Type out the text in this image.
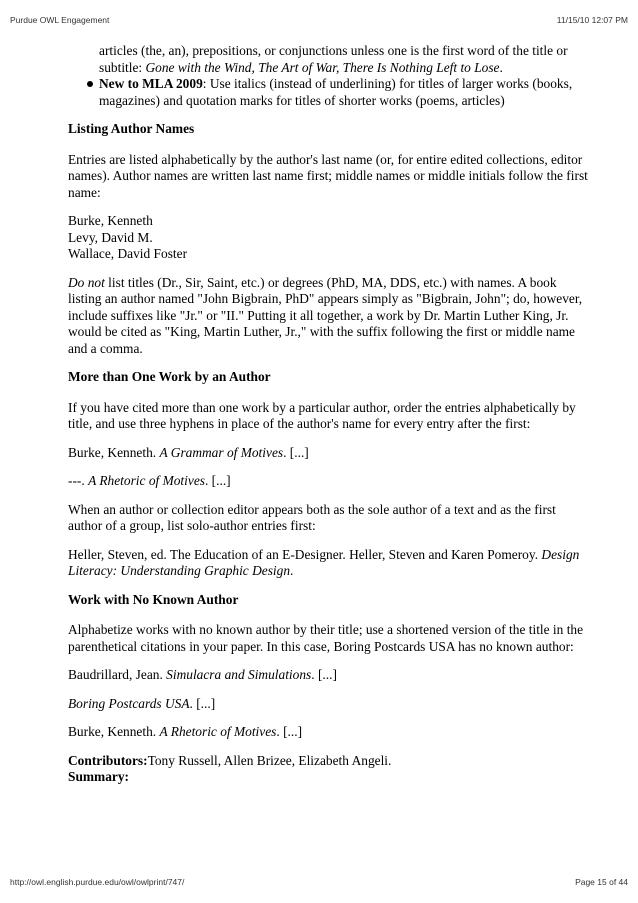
Purdue OWL Engagement	11/15/10 12:07 PM
articles (the, an), prepositions, or conjunctions unless one is the first word of the title or subtitle: Gone with the Wind, The Art of War, There Is Nothing Left to Lose.
New to MLA 2009: Use italics (instead of underlining) for titles of larger works (books, magazines) and quotation marks for titles of shorter works (poems, articles)

Listing Author Names

Entries are listed alphabetically by the author's last name (or, for entire edited collections, editor names). Author names are written last name first; middle names or middle initials follow the first name:

Burke, Kenneth
Levy, David M.
Wallace, David Foster

Do not list titles (Dr., Sir, Saint, etc.) or degrees (PhD, MA, DDS, etc.) with names. A book listing an author named "John Bigbrain, PhD" appears simply as "Bigbrain, John"; do, however, include suffixes like "Jr." or "II." Putting it all together, a work by Dr. Martin Luther King, Jr. would be cited as "King, Martin Luther, Jr.," with the suffix following the first or middle name and a comma.

More than One Work by an Author

If you have cited more than one work by a particular author, order the entries alphabetically by title, and use three hyphens in place of the author's name for every entry after the first:

Burke, Kenneth. A Grammar of Motives. [...]

---. A Rhetoric of Motives. [...]

When an author or collection editor appears both as the sole author of a text and as the first author of a group, list solo-author entries first:

Heller, Steven, ed. The Education of an E-Designer. Heller, Steven and Karen Pomeroy. Design Literacy: Understanding Graphic Design.

Work with No Known Author

Alphabetize works with no known author by their title; use a shortened version of the title in the parenthetical citations in your paper. In this case, Boring Postcards USA has no known author:

Baudrillard, Jean. Simulacra and Simulations. [...]

Boring Postcards USA. [...]

Burke, Kenneth. A Rhetoric of Motives. [...]

Contributors:Tony Russell, Allen Brizee, Elizabeth Angeli.
Summary:

http://owl.english.purdue.edu/owl/owlprint/747/	Page 15 of 44
